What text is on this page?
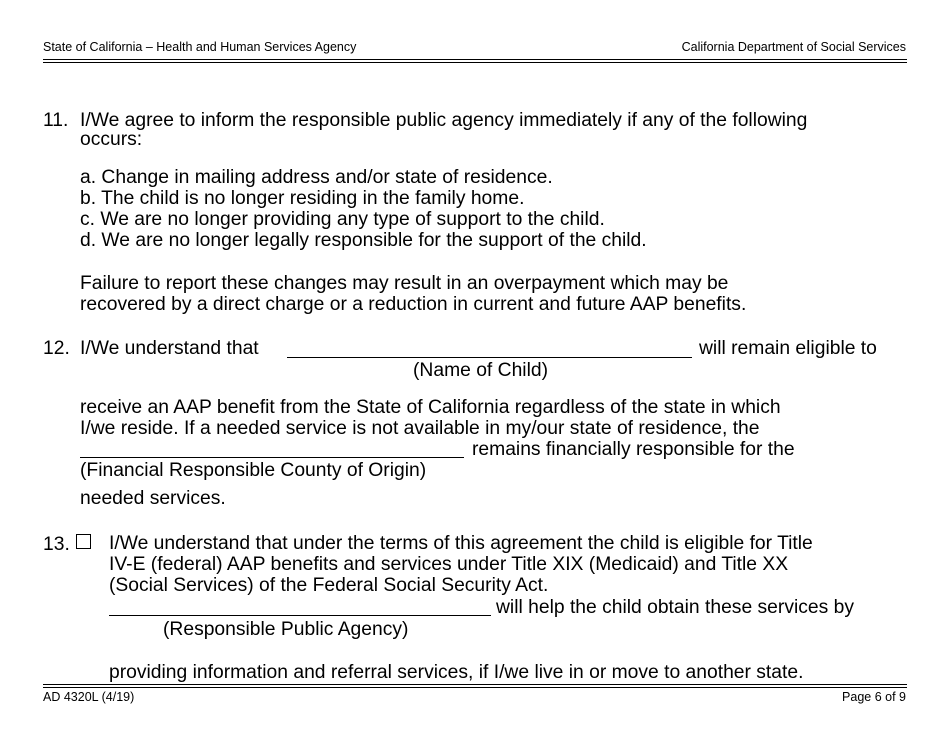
State of California – Health and Human Services Agency	California Department of Social Services
11. I/We agree to inform the responsible public agency immediately if any of the following
occurs:
a. Change in mailing address and/or state of residence.
b. The child is no longer residing in the family home.
c. We are no longer providing any type of support to the child.
d. We are no longer legally responsible for the support of the child.
Failure to report these changes may result in an overpayment which may be
recovered by a direct charge or a reduction in current and future AAP benefits.
12. I/We understand that	will remain eligible to
(Name of Child)
receive an AAP benefit from the State of California regardless of the state in which
I/we reside. If a needed service is not available in my/our state of residence, the
remains financially responsible for the
(Financial Responsible County of Origin)
needed services.
13.	I/We understand that under the terms of this agreement the child is eligible for Title
IV-E (federal) AAP benefits and services under Title XIX (Medicaid) and Title XX
(Social Services) of the Federal Social Security Act.
will help the child obtain these services by
(Responsible Public Agency)
providing information and referral services, if I/we live in or move to another state.
AD 4320L (4/19)	Page 6 of 9
